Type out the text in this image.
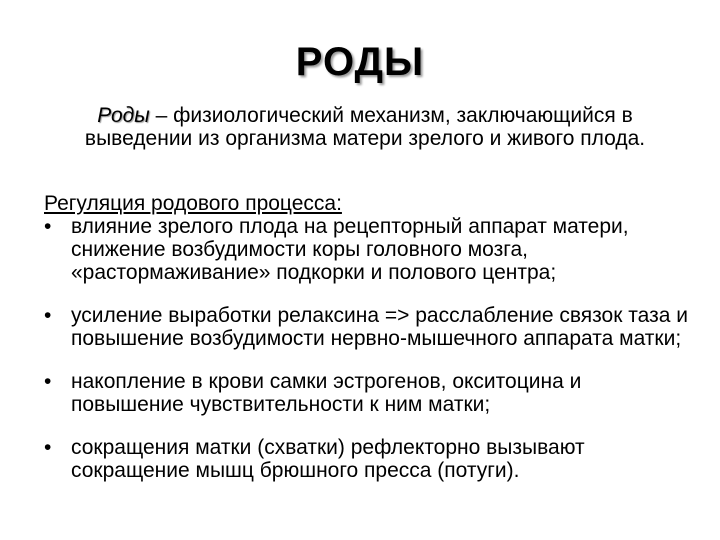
РОДЫ
Роды – физиологический механизм, заключающийся в выведении из организма матери зрелого и живого плода.
Регуляция родового процесса:
• влияние зрелого плода на рецепторный аппарат матери, снижение возбудимости коры головного мозга, «растормаживание» подкорки и полового центра;
• усиление выработки релаксина => расслабление связок таза и повышение возбудимости нервно-мышечного аппарата матки;
• накопление в крови самки эстрогенов, окситоцина и повышение чувствительности к ним матки;
• сокращения матки (схватки) рефлекторно вызывают сокращение мышц брюшного пресса (потуги).
